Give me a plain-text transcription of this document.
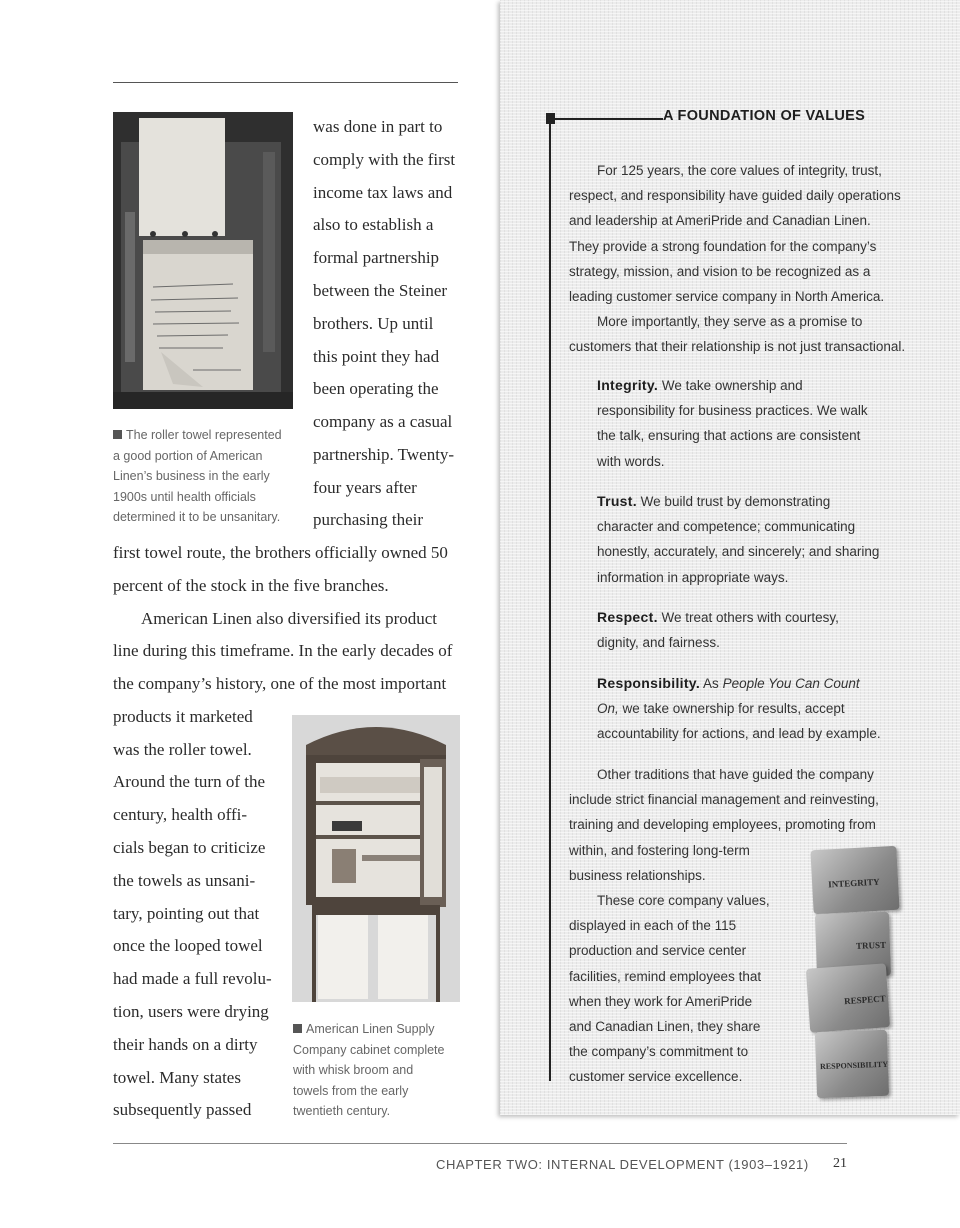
The roller towel represented
a good portion of American
Linen’s business in the early
1900s until health officials
determined it to be unsanitary.
was done in part to
comply with the first
income tax laws and
also to establish a
formal partnership
between the Steiner
brothers. Up until
this point they had
been operating the
company as a casual
partnership. Twenty-
four years after
purchasing their
first towel route, the brothers officially owned 50
percent of the stock in the five branches.
American Linen also diversified its product
line during this timeframe. In the early decades of
the company’s history, one of the most important
products it marketed
was the roller towel.
Around the turn of the
century, health offi-
cials began to criticize
the towels as unsani-
tary, pointing out that
once the looped towel
had made a full revolu-
tion, users were drying
their hands on a dirty
towel. Many states
subsequently passed
American Linen Supply
Company cabinet complete
with whisk broom and
towels from the early
twentieth century.
A FOUNDATION OF VALUES
For 125 years, the core values of integrity, trust,
respect, and responsibility have guided daily operations
and leadership at AmeriPride and Canadian Linen.
They provide a strong foundation for the company’s
strategy, mission, and vision to be recognized as a
leading customer service company in North America.
More importantly, they serve as a promise to
customers that their relationship is not just transactional.
Integrity. We take ownership and
responsibility for business practices. We walk
the talk, ensuring that actions are consistent
with words.
Trust. We build trust by demonstrating
character and competence; communicating
honestly, accurately, and sincerely; and sharing
information in appropriate ways.
Respect. We treat others with courtesy,
dignity, and fairness.
Responsibility. As People You Can Count
On, we take ownership for results, accept
accountability for actions, and lead by example.
Other traditions that have guided the company
include strict financial management and reinvesting,
training and developing employees, promoting from
within, and fostering long-term
business relationships.
These core company values,
displayed in each of the 115
production and service center
facilities, remind employees that
when they work for AmeriPride
and Canadian Linen, they share
the company’s commitment to
customer service excellence.
INTEGRITY
TRUST
RESPECT
RESPONSIBILITY
CHAPTER TWO: INTERNAL DEVELOPMENT (1903–1921) 21
